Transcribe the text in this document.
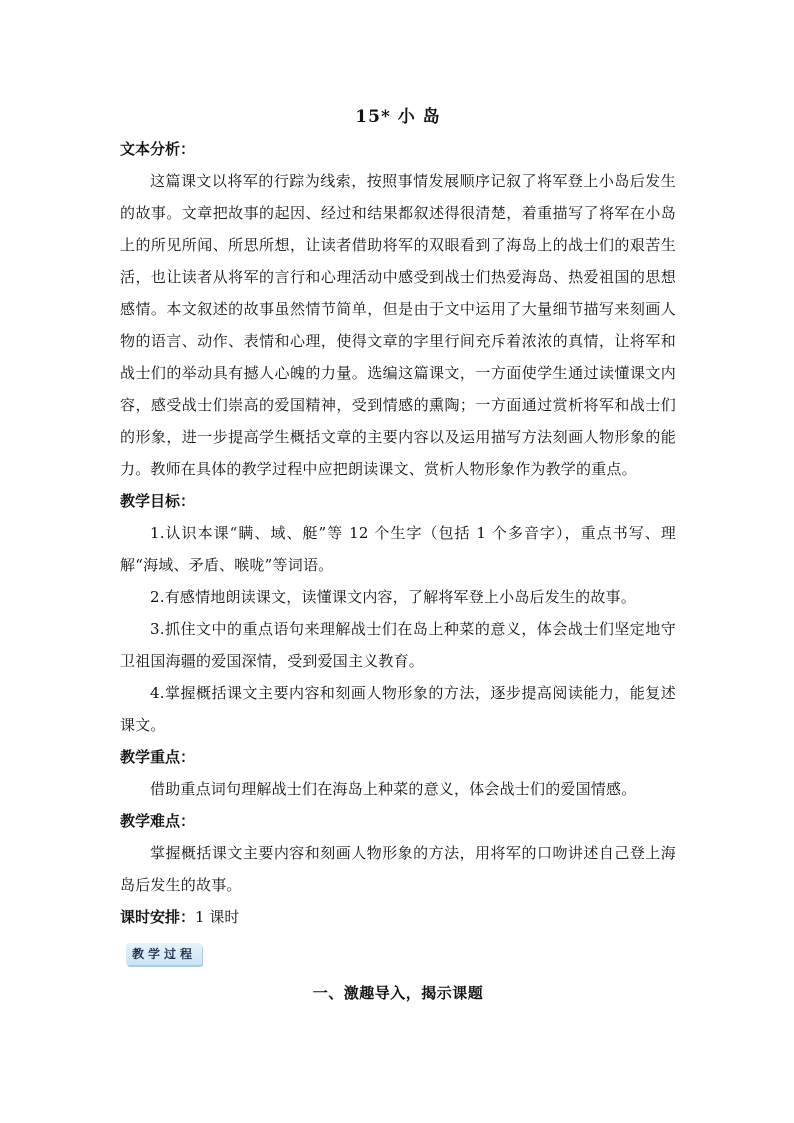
15* 小 岛

文本分析：

这篇课文以将军的行踪为线索，按照事情发展顺序记叙了将军登上小岛后发生的故事。文章把故事的起因、经过和结果都叙述得很清楚，着重描写了将军在小岛上的所见所闻、所思所想，让读者借助将军的双眼看到了海岛上的战士们的艰苦生活，也让读者从将军的言行和心理活动中感受到战士们热爱海岛、热爱祖国的思想感情。本文叙述的故事虽然情节简单，但是由于文中运用了大量细节描写来刻画人物的语言、动作、表情和心理，使得文章的字里行间充斥着浓浓的真情，让将军和战士们的举动具有撼人心魄的力量。选编这篇课文，一方面使学生通过读懂课文内容，感受战士们崇高的爱国精神，受到情感的熏陶；一方面通过赏析将军和战士们的形象，进一步提高学生概括文章的主要内容以及运用描写方法刻画人物形象的能力。教师在具体的教学过程中应把朗读课文、赏析人物形象作为教学的重点。

教学目标：

1.认识本课“瞒、域、艇”等 12 个生字（包括 1 个多音字），重点书写、理解“海域、矛盾、喉咙”等词语。

2.有感情地朗读课文，读懂课文内容，了解将军登上小岛后发生的故事。

3.抓住文中的重点语句来理解战士们在岛上种菜的意义，体会战士们坚定地守卫祖国海疆的爱国深情，受到爱国主义教育。

4.掌握概括课文主要内容和刻画人物形象的方法，逐步提高阅读能力，能复述课文。

教学重点：

借助重点词句理解战士们在海岛上种菜的意义，体会战士们的爱国情感。

教学难点：

掌握概括课文主要内容和刻画人物形象的方法，用将军的口吻讲述自己登上海岛后发生的故事。

课时安排：1 课时

教学过程
一、激趣导入，揭示课题
